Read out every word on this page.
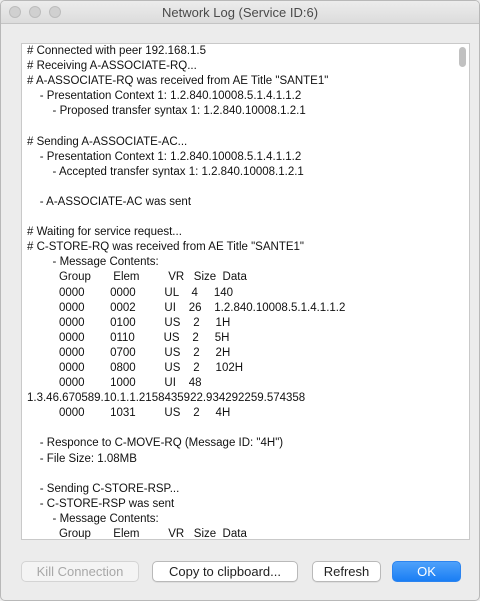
Network Log (Service ID:6)
# Connected with peer 192.168.1.5
# Receiving A-ASSOCIATE-RQ...
# A-ASSOCIATE-RQ was received from AE Title "SANTE1"
- Presentation Context 1: 1.2.840.10008.5.1.4.1.1.2
- Proposed transfer syntax 1: 1.2.840.10008.1.2.1

# Sending A-ASSOCIATE-AC...
- Presentation Context 1: 1.2.840.10008.5.1.4.1.1.2
- Accepted transfer syntax 1: 1.2.840.10008.1.2.1

- A-ASSOCIATE-AC was sent

# Waiting for service request...
# C-STORE-RQ was received from AE Title "SANTE1"
- Message Contents:
Group       Elem         VR   Size  Data
0000        0000         UL    4     140
0000        0002         UI    26    1.2.840.10008.5.1.4.1.1.2
0000        0100         US    2     1H
0000        0110         US    2     5H
0000        0700         US    2     2H
0000        0800         US    2     102H
0000        1000         UI    48
1.3.46.670589.10.1.1.2158435922.934292259.574358
0000        1031         US    2     4H

- Responce to C-MOVE-RQ (Message ID: "4H")
- File Size: 1.08MB

- Sending C-STORE-RSP...
- C-STORE-RSP was sent
- Message Contents:
Group       Elem         VR   Size  Data

Kill Connection	Copy to clipboard...	Refresh	OK
